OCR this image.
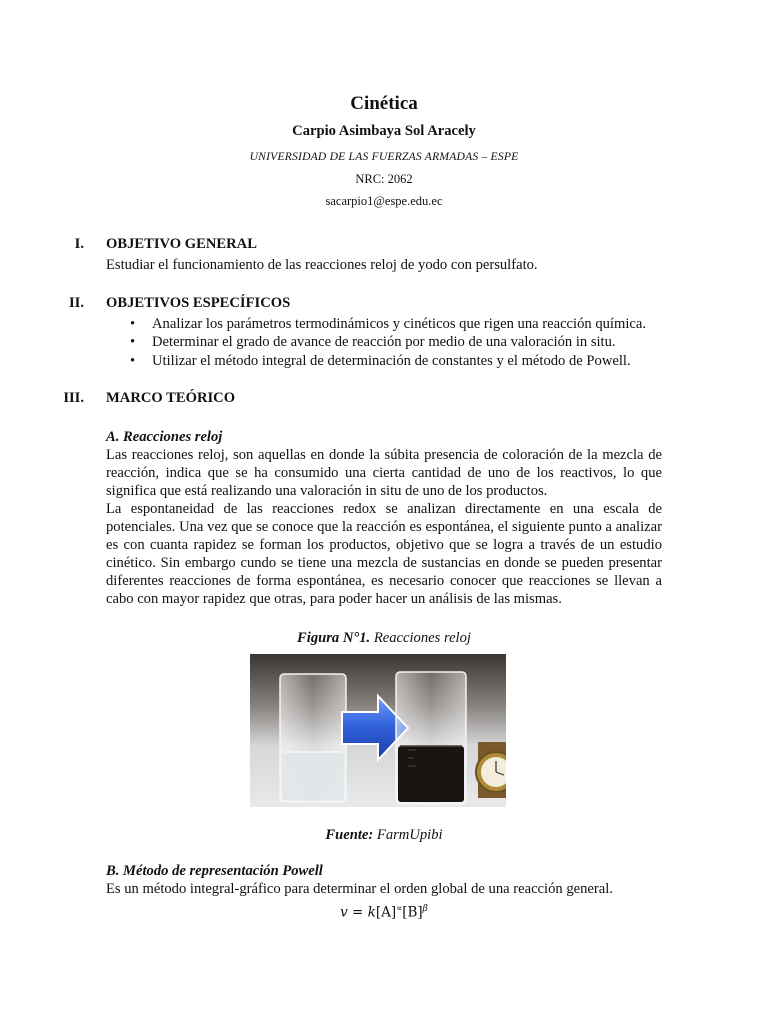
Cinética
Carpio Asimbaya Sol Aracely
UNIVERSIDAD DE LAS FUERZAS ARMADAS – ESPE
NRC: 2062
sacarpio1@espe.edu.ec
I. OBJETIVO GENERAL
Estudiar el funcionamiento de las reacciones reloj de yodo con persulfato.
II. OBJETIVOS ESPECÍFICOS
• Analizar los parámetros termodinámicos y cinéticos que rigen una reacción química.
• Determinar el grado de avance de reacción por medio de una valoración in situ.
• Utilizar el método integral de determinación de constantes y el método de Powell.
III. MARCO TEÓRICO
A. Reacciones reloj

Las reacciones reloj, son aquellas en donde la súbita presencia de coloración de la mezcla de reacción, indica que se ha consumido una cierta cantidad de uno de los reactivos, lo que significa que está realizando una valoración in situ de uno de los productos.

La espontaneidad de las reacciones redox se analizan directamente en una escala de potenciales. Una vez que se conoce que la reacción es espontánea, el siguiente punto a analizar es con cuanta rapidez se forman los productos, objetivo que se logra a través de un estudio cinético. Sin embargo cundo se tiene una mezcla de sustancias en donde se pueden presentar diferentes reacciones de forma espontánea, es necesario conocer que reacciones se llevan a cabo con mayor rapidez que otras, para poder hacer un análisis de las mismas.

Figura N°1. Reacciones reloj
Fuente: FarmUpibi
B. Método de representación Powell
Es un método integral-gráfico para determinar el orden global de una reacción general.
$v = k[A]^\propto[B]^\beta$
